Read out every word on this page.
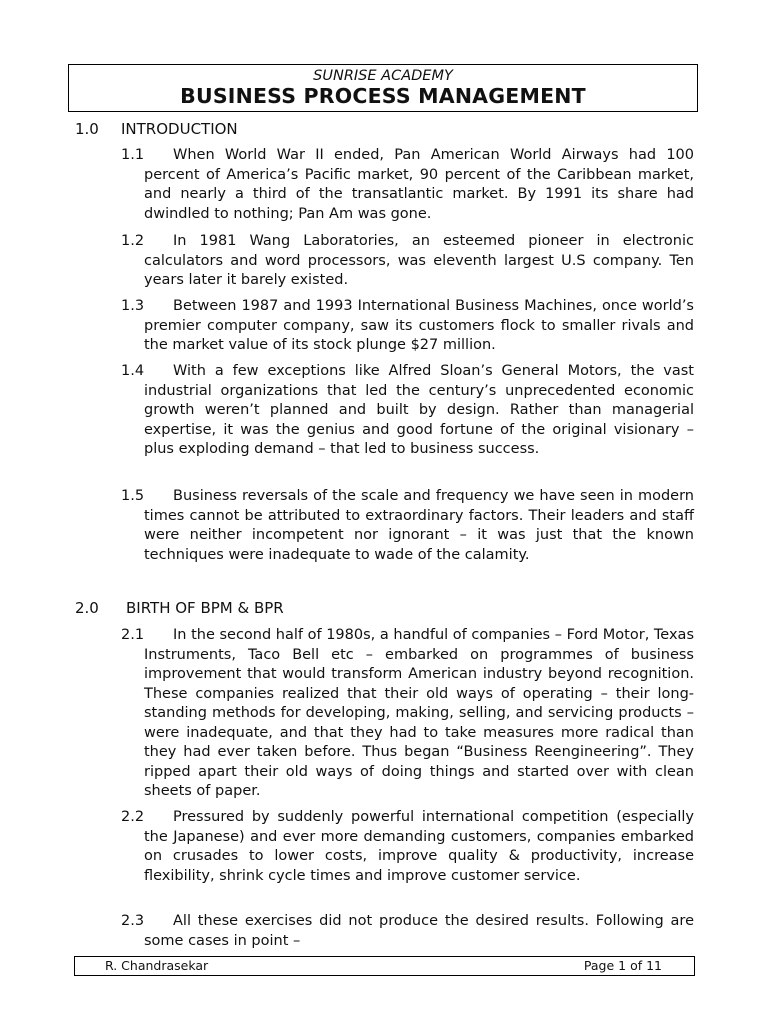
SUNRISE ACADEMY
BUSINESS PROCESS MANAGEMENT
1.0 INTRODUCTION

1.1 When World War II ended, Pan American World Airways had 100 percent of America’s Pacific market, 90 percent of the Caribbean market, and nearly a third of the transatlantic market. By 1991 its share had dwindled to nothing; Pan Am was gone.

1.2 In 1981 Wang Laboratories, an esteemed pioneer in electronic calculators and word processors, was eleventh largest U.S company. Ten years later it barely existed.

1.3 Between 1987 and 1993 International Business Machines, once world’s premier computer company, saw its customers flock to smaller rivals and the market value of its stock plunge $27 million.

1.4 With a few exceptions like Alfred Sloan’s General Motors, the vast industrial organizations that led the century’s unprecedented economic growth weren’t planned and built by design. Rather than managerial expertise, it was the genius and good fortune of the original visionary – plus exploding demand – that led to business success.

1.5 Business reversals of the scale and frequency we have seen in modern times cannot be attributed to extraordinary factors. Their leaders and staff were neither incompetent nor ignorant – it was just that the known techniques were inadequate to wade of the calamity.

2.0 BIRTH OF BPM & BPR

2.1 In the second half of 1980s, a handful of companies – Ford Motor, Texas Instruments, Taco Bell etc – embarked on programmes of business improvement that would transform American industry beyond recognition. These companies realized that their old ways of operating – their long-standing methods for developing, making, selling, and servicing products – were inadequate, and that they had to take measures more radical than they had ever taken before. Thus began “Business Reengineering”. They ripped apart their old ways of doing things and started over with clean sheets of paper.

2.2 Pressured by suddenly powerful international competition (especially the Japanese) and ever more demanding customers, companies embarked on crusades to lower costs, improve quality & productivity, increase flexibility, shrink cycle times and improve customer service.

2.3 All these exercises did not produce the desired results. Following are some cases in point –

R. Chandrasekar	Page 1 of 11
